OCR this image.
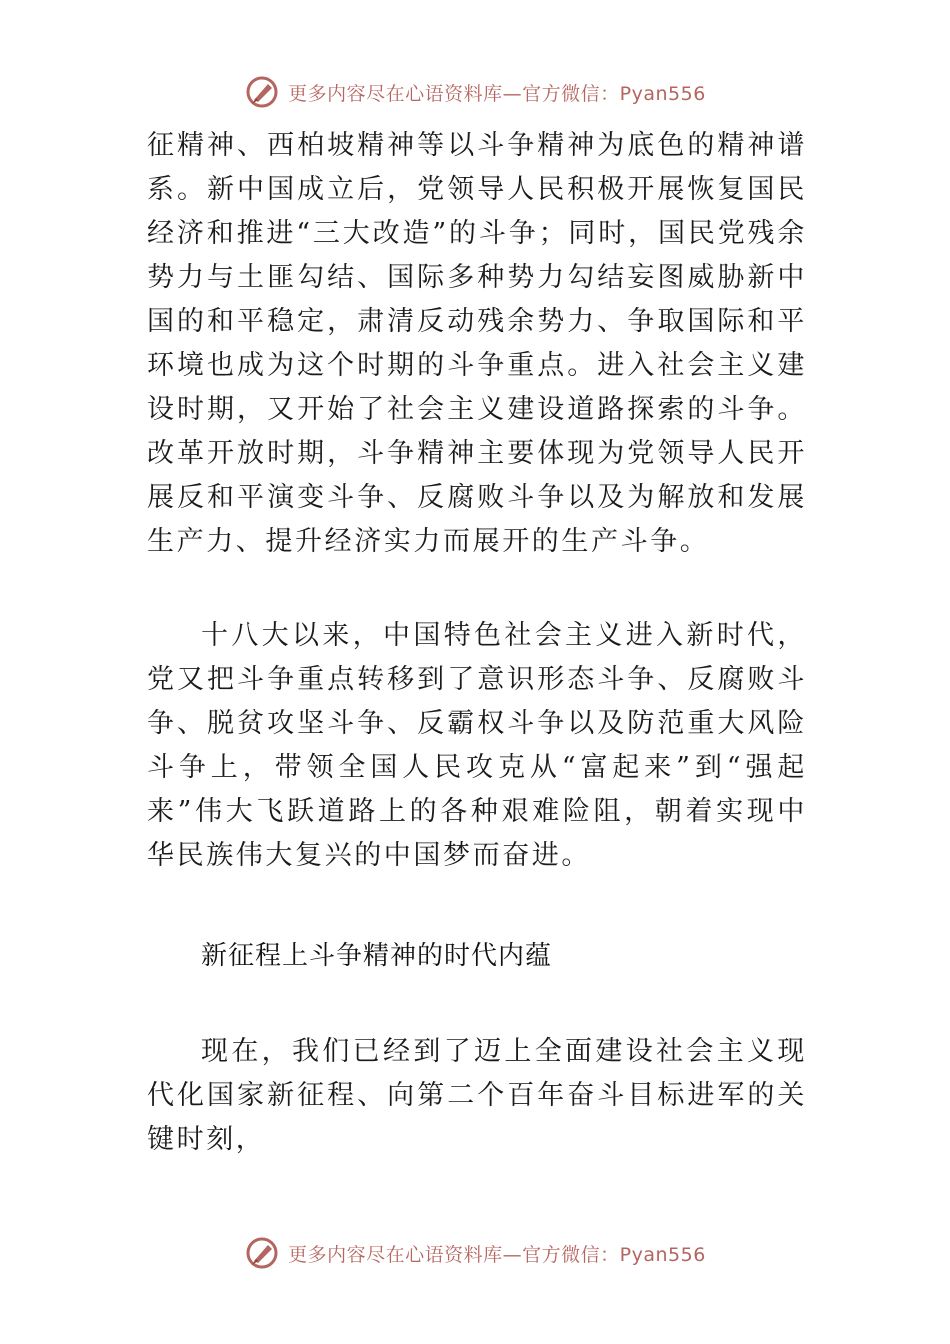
更多内容尽在心语资料库—官方微信：Pyan556

征精神、西柏坡精神等以斗争精神为底色的精神谱系。新中国成立后，党领导人民积极开展恢复国民经济和推进“三大改造”的斗争；同时，国民党残余势力与土匪勾结、国际多种势力勾结妄图威胁新中国的和平稳定，肃清反动残余势力、争取国际和平环境也成为这个时期的斗争重点。进入社会主义建设时期，又开始了社会主义建设道路探索的斗争。改革开放时期，斗争精神主要体现为党领导人民开展反和平演变斗争、反腐败斗争以及为解放和发展生产力、提升经济实力而展开的生产斗争。

十八大以来，中国特色社会主义进入新时代，党又把斗争重点转移到了意识形态斗争、反腐败斗争、脱贫攻坚斗争、反霸权斗争以及防范重大风险斗争上，带领全国人民攻克从“富起来”到“强起来”伟大飞跃道路上的各种艰难险阻，朝着实现中华民族伟大复兴的中国梦而奋进。

新征程上斗争精神的时代内蕴

现在，我们已经到了迈上全面建设社会主义现代化国家新征程、向第二个百年奋斗目标进军的关键时刻，

更多内容尽在心语资料库—官方微信：Pyan556
